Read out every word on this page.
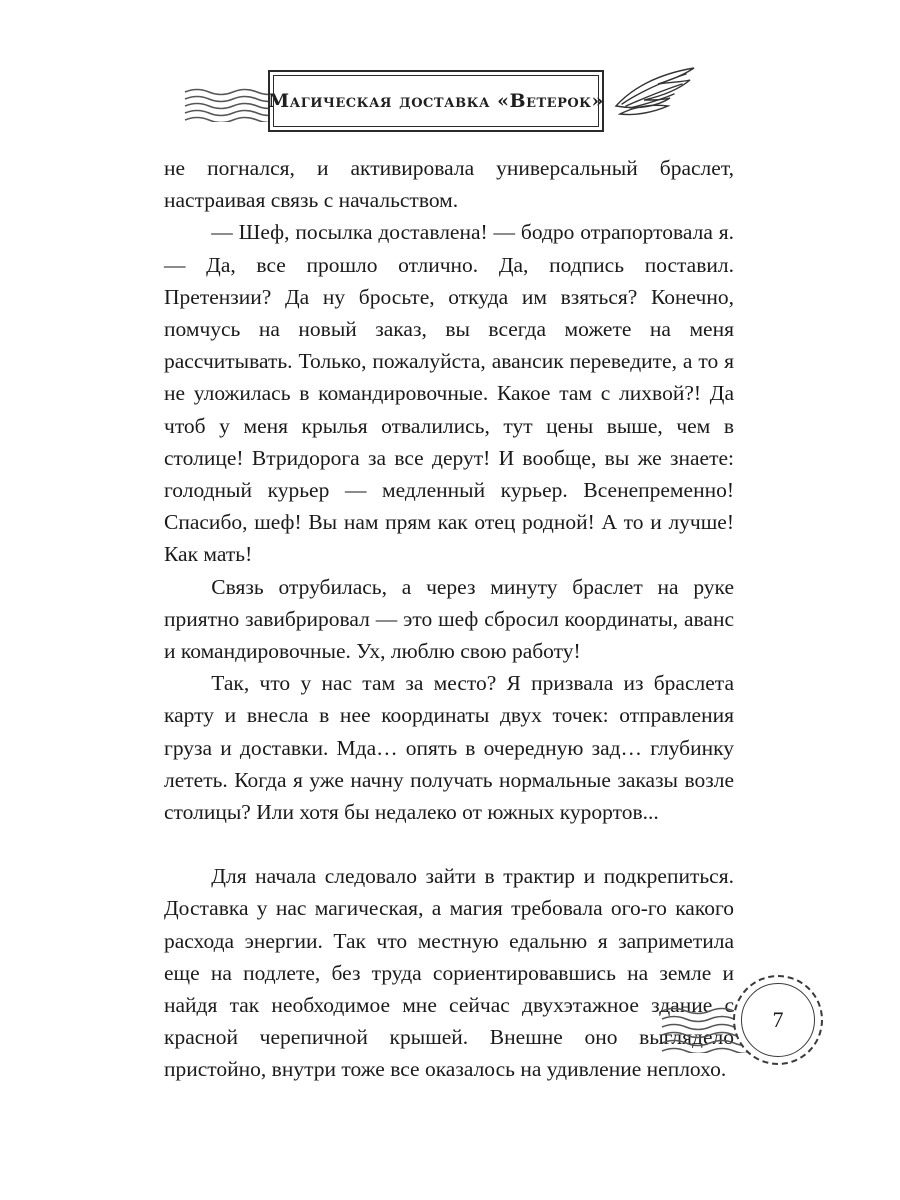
Магическая доставка «Ветерок»

не погнался, и активировала универсальный браслет, настраивая связь с начальством.

— Шеф, посылка доставлена! — бодро отрапортовала я. — Да, все прошло отлично. Да, подпись поставил. Претензии? Да ну бросьте, откуда им взяться? Конечно, помчусь на новый заказ, вы всегда можете на меня рассчитывать. Только, пожалуйста, авансик переведите, а то я не уложилась в командировочные. Какое там с лихвой?! Да чтоб у меня крылья отвалились, тут цены выше, чем в столице! Втридорога за все дерут! И вообще, вы же знаете: голодный курьер — медленный курьер. Всенепременно! Спасибо, шеф! Вы нам прям как отец родной! А то и лучше! Как мать!

Связь отрубилась, а через минуту браслет на руке приятно завибрировал — это шеф сбросил координаты, аванс и командировочные. Ух, люблю свою работу!

Так, что у нас там за место? Я призвала из браслета карту и внесла в нее координаты двух точек: отправления груза и доставки. Мда… опять в очередную зад… глубинку лететь. Когда я уже начну получать нормальные заказы возле столицы? Или хотя бы недалеко от южных курортов...

Для начала следовало зайти в трактир и подкрепиться. Доставка у нас магическая, а магия требовала ого-го какого расхода энергии. Так что местную едальню я заприметила еще на подлете, без труда сориентировавшись на земле и найдя так необходимое мне сейчас двухэтажное здание с красной черепичной крышей. Внешне оно выглядело пристойно, внутри тоже все оказалось на удивление неплохо.

7
